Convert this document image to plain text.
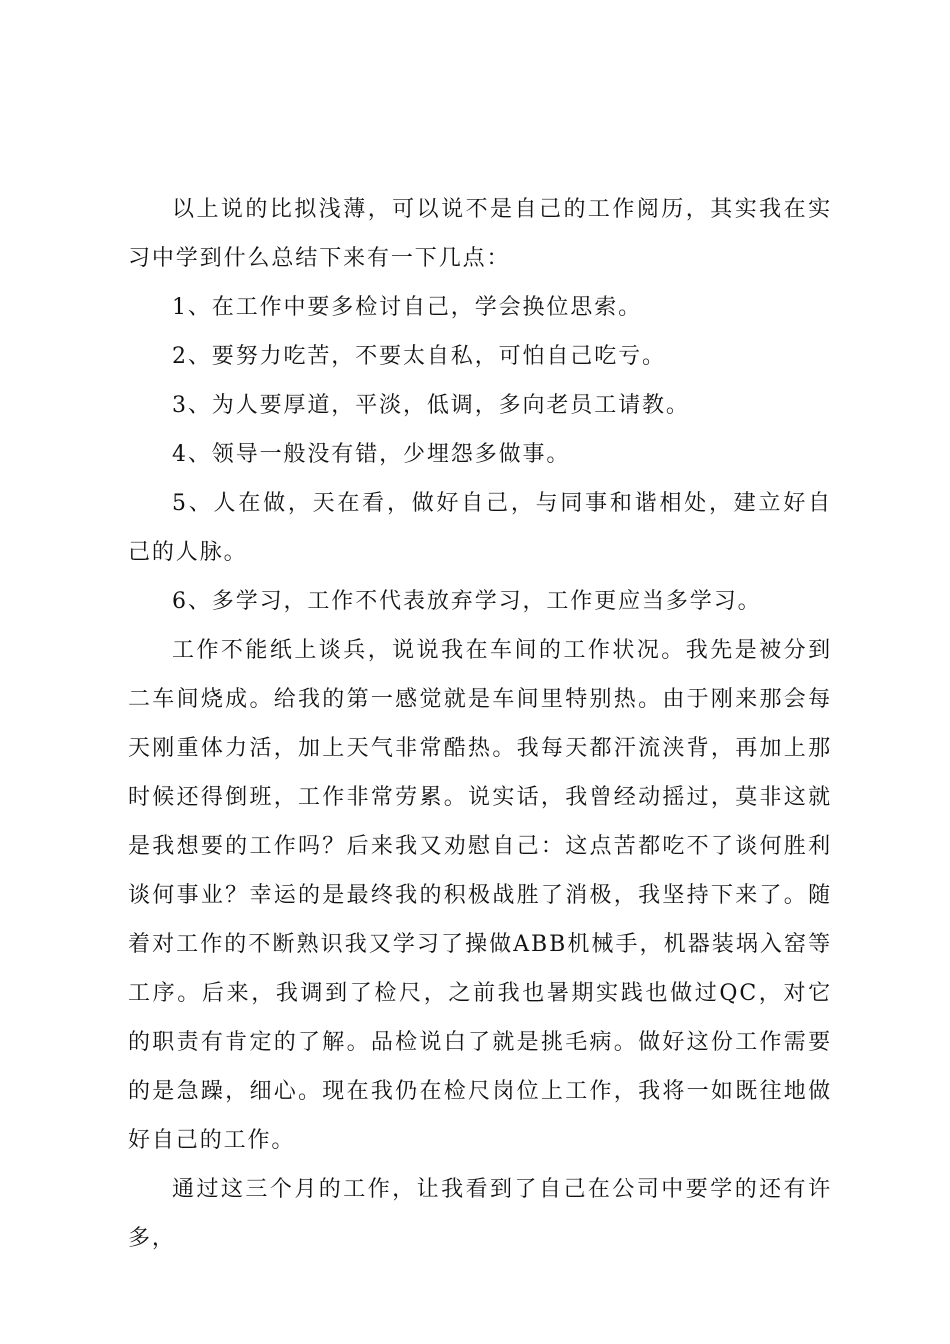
以上说的比拟浅薄，可以说不是自己的工作阅历，其实我在实习中学到什么总结下来有一下几点：

1、在工作中要多检讨自己，学会换位思索。

2、要努力吃苦，不要太自私，可怕自己吃亏。

3、为人要厚道，平淡，低调，多向老员工请教。

4、领导一般没有错，少埋怨多做事。

5、人在做，天在看，做好自己，与同事和谐相处，建立好自己的人脉。

6、多学习，工作不代表放弃学习，工作更应当多学习。

工作不能纸上谈兵，说说我在车间的工作状况。我先是被分到二车间烧成。给我的第一感觉就是车间里特别热。由于刚来那会每天刚重体力活，加上天气非常酷热。我每天都汗流浃背，再加上那时候还得倒班，工作非常劳累。说实话，我曾经动摇过，莫非这就是我想要的工作吗？后来我又劝慰自己：这点苦都吃不了谈何胜利谈何事业？幸运的是最终我的积极战胜了消极，我坚持下来了。随着对工作的不断熟识我又学习了操做ABB机械手，机器装埚入窑等工序。后来，我调到了检尺，之前我也暑期实践也做过QC，对它的职责有肯定的了解。品检说白了就是挑毛病。做好这份工作需要的是急躁，细心。现在我仍在检尺岗位上工作，我将一如既往地做好自己的工作。

通过这三个月的工作，让我看到了自己在公司中要学的还有许多，
